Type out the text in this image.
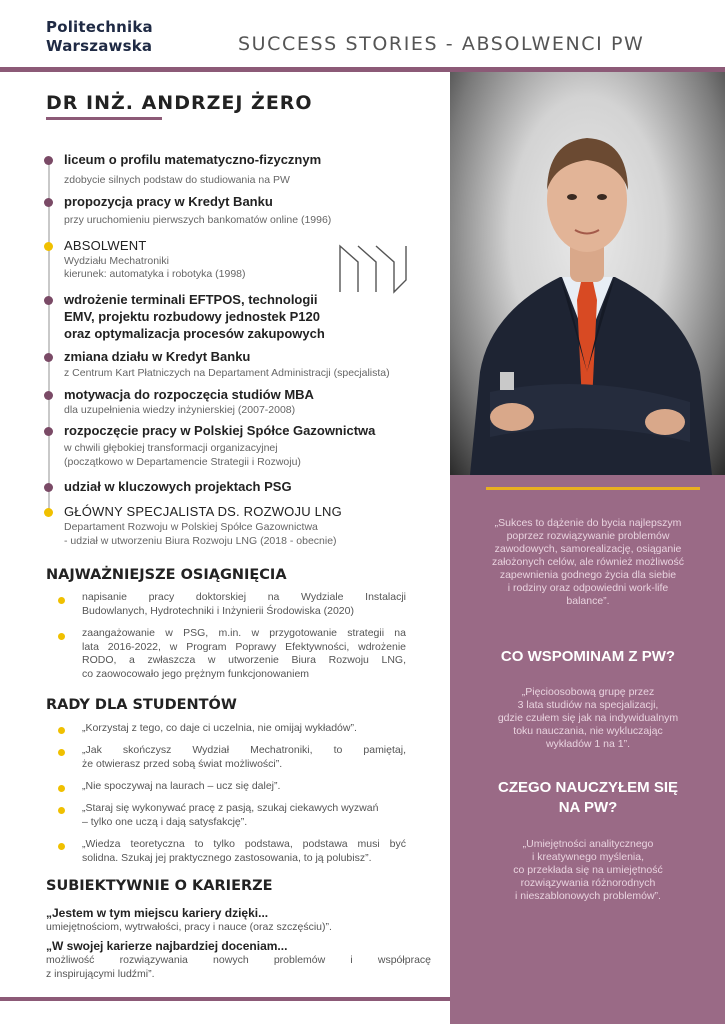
Politechnika
Warszawska	SUCCESS STORIES - ABSOLWENCI PW
DR INŻ. ANDRZEJ ŻERO
liceum o profilu matematyczno-fizycznym
zdobycie silnych podstaw do studiowania na PW
propozycja pracy w Kredyt Banku
przy uruchomieniu pierwszych bankomatów online (1996)
ABSOLWENT
Wydziału Mechatroniki
kierunek: automatyka i robotyka (1998)
wdrożenie terminali EFTPOS, technologii
EMV, projektu rozbudowy jednostek P120
oraz optymalizacja procesów zakupowych
zmiana działu w Kredyt Banku
z Centrum Kart Płatniczych na Departament Administracji (specjalista)
motywacja do rozpoczęcia studiów MBA
dla uzupełnienia wiedzy inżynierskiej (2007-2008)
rozpoczęcie pracy w Polskiej Spółce Gazownictwa
w chwili głębokiej transformacji organizacyjnej
(początkowo w Departamencie Strategii i Rozwoju)
udział w kluczowych projektach PSG
GŁÓWNY SPECJALISTA DS. ROZWOJU LNG
Departament Rozwoju w Polskiej Spółce Gazownictwa
- udział w utworzeniu Biura Rozwoju LNG (2018 - obecnie)
NAJWAŻNIEJSZE OSIĄGNIĘCIA
napisanie pracy doktorskiej na Wydziale Instalacji
Budowlanych, Hydrotechniki i Inżynierii Środowiska (2020)
zaangażowanie w PSG, m.in. w przygotowanie strategii na
lata 2016-2022, w Program Poprawy Efektywności, wdrożenie
RODO, a zwłaszcza w utworzenie Biura Rozwoju LNG,
co zaowocowało jego prężnym funkcjonowaniem
RADY DLA STUDENTÓW
„Korzystaj z tego, co daje ci uczelnia, nie omijaj wykładów”.
„Jak skończysz Wydział Mechatroniki, to pamiętaj,
że otwierasz przed sobą świat możliwości”.
„Nie spoczywaj na laurach – ucz się dalej”.
„Staraj się wykonywać pracę z pasją, szukaj ciekawych wyzwań
– tylko one uczą i dają satysfakcję”.
„Wiedza teoretyczna to tylko podstawa, podstawa musi być
solidna. Szukaj jej praktycznego zastosowania, to ją polubisz”.
SUBIEKTYWNIE O KARIERZE
„Jestem w tym miejscu kariery dzięki...
umiejętnościom, wytrwałości, pracy i nauce (oraz szczęściu)”.
„W swojej karierze najbardziej doceniam...
możliwość rozwiązywania nowych problemów i współpracę
z inspirującymi ludźmi”.
„Sukces to dążenie do bycia najlepszym
poprzez rozwiązywanie problemów
zawodowych, samorealizację, osiąganie
założonych celów, ale również możliwość
zapewnienia godnego życia dla siebie
i rodziny oraz odpowiedni work-life
balance”.
CO WSPOMINAM Z PW?
„Pięcioosobową grupę przez
3 lata studiów na specjalizacji,
gdzie czułem się jak na indywidualnym
toku nauczania, nie wykluczając
wykładów 1 na 1”.
CZEGO NAUCZYŁEM SIĘ
NA PW?
„Umiejętności analitycznego
i kreatywnego myślenia,
co przekłada się na umiejętność
rozwiązywania różnorodnych
i nieszablonowych problemów”.
